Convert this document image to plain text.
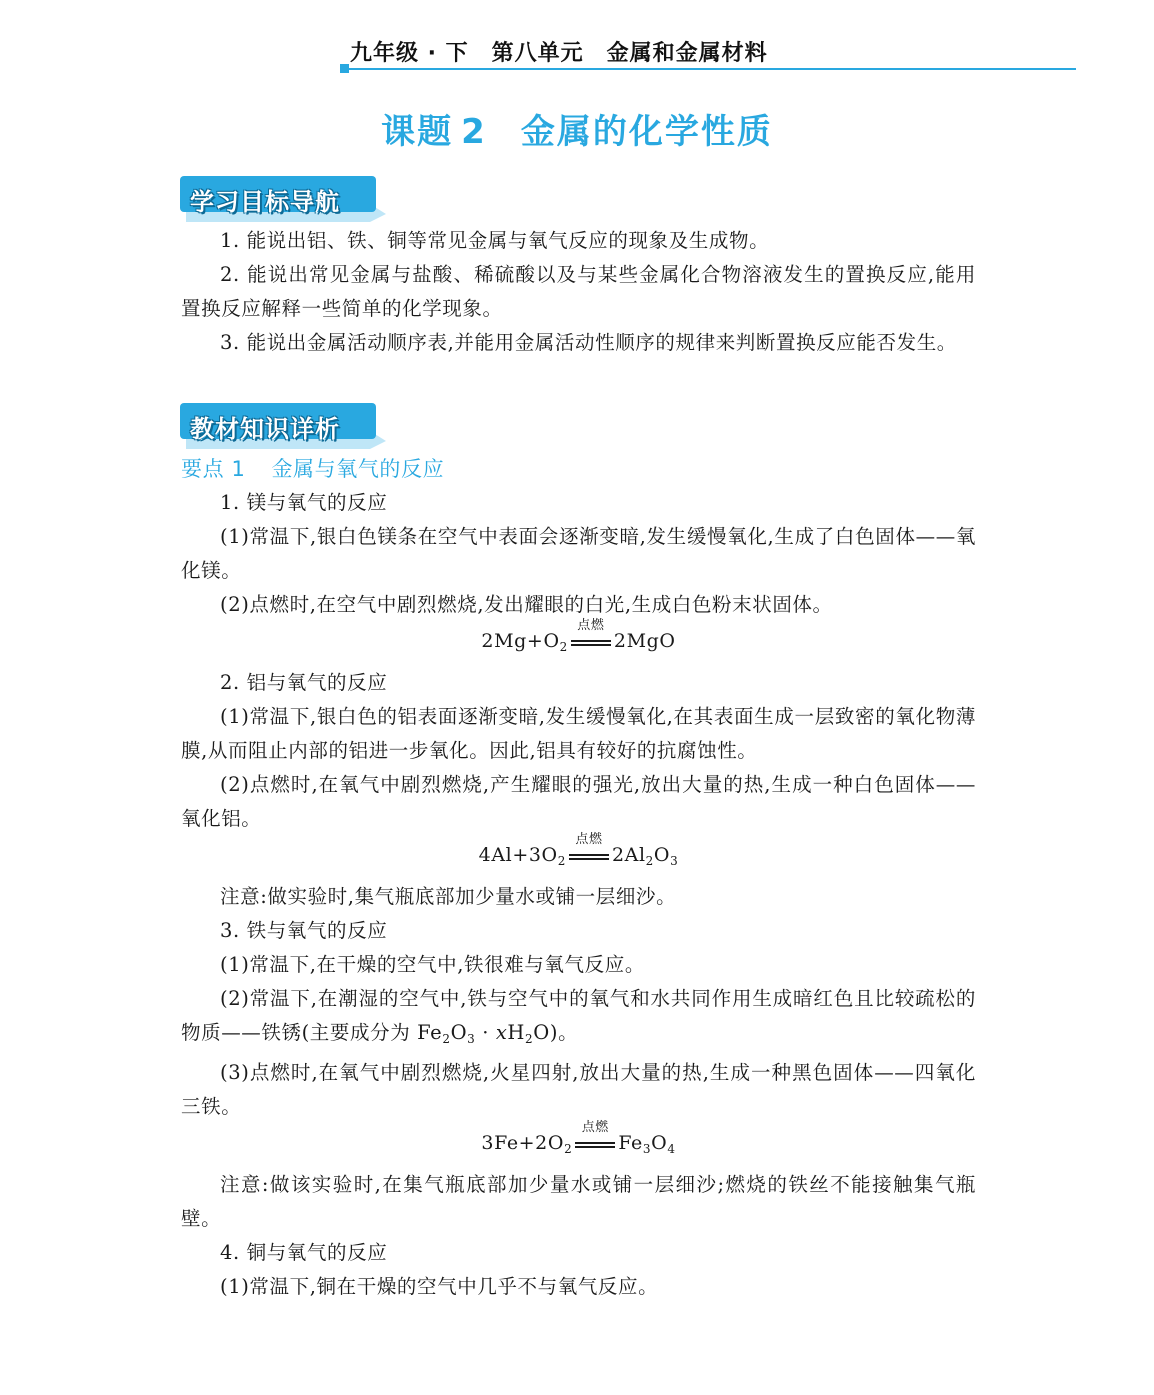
九年级 · 下　第八单元　金属和金属材料
课题 2 金属的化学性质
学习目标导航

1. 能说出铝、铁、铜等常见金属与氧气反应的现象及生成物。

2. 能说出常见金属与盐酸、稀硫酸以及与某些金属化合物溶液发生的置换反应,能用置换反应解释一些简单的化学现象。

3. 能说出金属活动顺序表,并能用金属活动性顺序的规律来判断置换反应能否发生。

教材知识详析

要点 1 金属与氧气的反应

1. 镁与氧气的反应

(1)常温下,银白色镁条在空气中表面会逐渐变暗,发生缓慢氧化,生成了白色固体——氧化镁。

(2)点燃时,在空气中剧烈燃烧,发出耀眼的白光,生成白色粉末状固体。

$2Mg+O_2$
点燃
2MgO

2. 铝与氧气的反应

(1)常温下,银白色的铝表面逐渐变暗,发生缓慢氧化,在其表面生成一层致密的氧化物薄膜,从而阻止内部的铝进一步氧化。因此,铝具有较好的抗腐蚀性。

(2)点燃时,在氧气中剧烈燃烧,产生耀眼的强光,放出大量的热,生成一种白色固体——氧化铝。

$4Al+3O_2$
点燃
$2Al_2O_3$

注意:做实验时,集气瓶底部加少量水或铺一层细沙。

3. 铁与氧气的反应

(1)常温下,在干燥的空气中,铁很难与氧气反应。

(2)常温下,在潮湿的空气中,铁与空气中的氧气和水共同作用生成暗红色且比较疏松的物质——铁锈(主要成分为 $Fe_2O_3 \cdot xH_2O$)。

(3)点燃时,在氧气中剧烈燃烧,火星四射,放出大量的热,生成一种黑色固体——四氧化三铁。

$3Fe+2O_2$
点燃
$Fe_3O_4$

注意:做该实验时,在集气瓶底部加少量水或铺一层细沙;燃烧的铁丝不能接触集气瓶壁。

4. 铜与氧气的反应

(1)常温下,铜在干燥的空气中几乎不与氧气反应。
